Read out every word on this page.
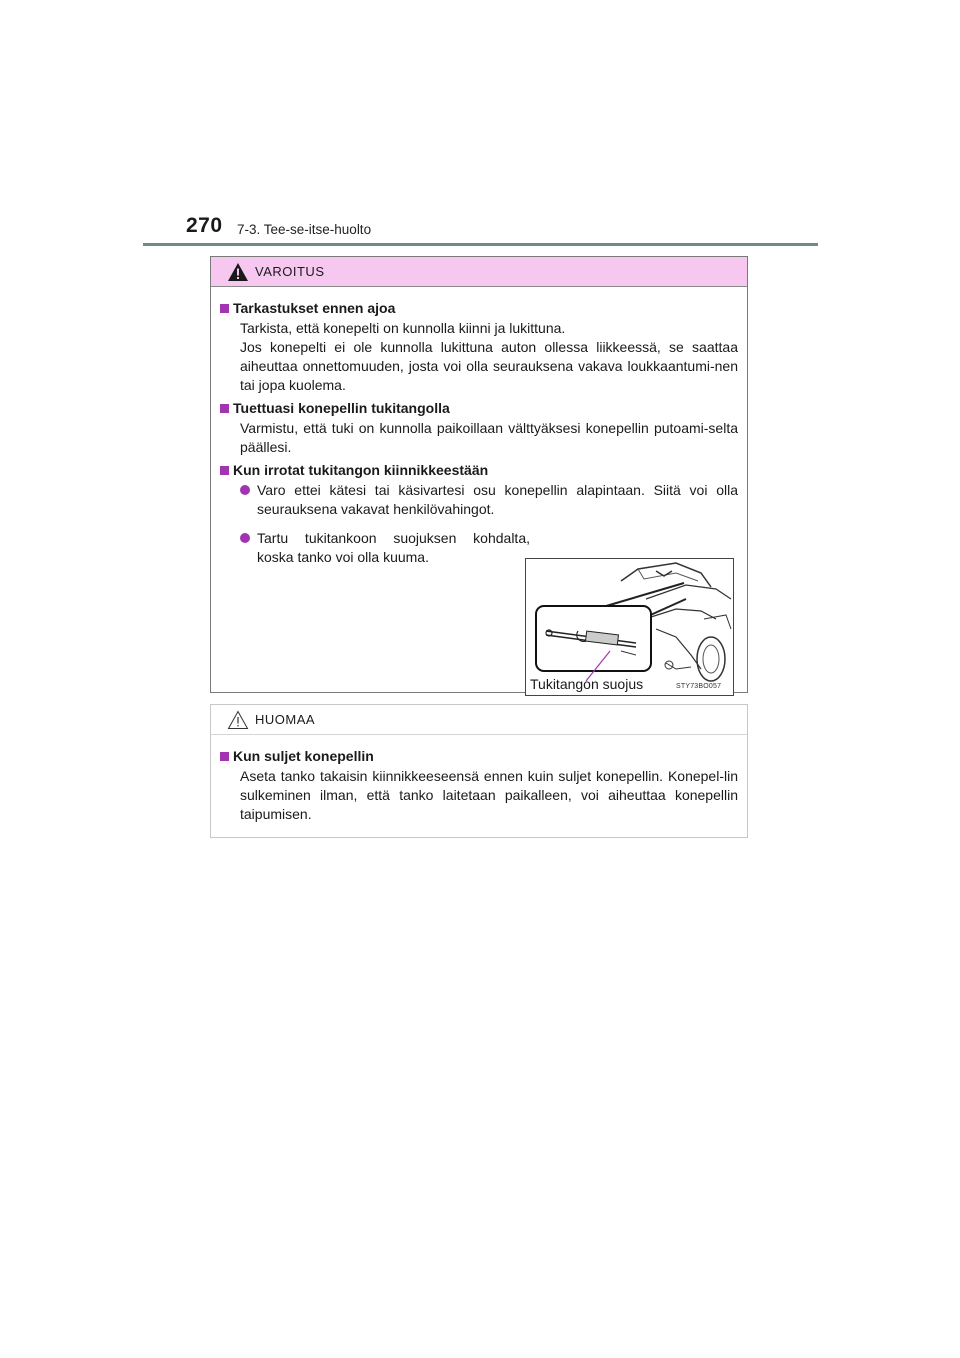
270 7-3. Tee-se-itse-huolto
VAROITUS
Tarkastukset ennen ajoa
Tarkista, että konepelti on kunnolla kiinni ja lukittuna.
Jos konepelti ei ole kunnolla lukittuna auton ollessa liikkeessä, se saattaa aiheuttaa onnettomuuden, josta voi olla seurauksena vakava loukkaantumi-nen tai jopa kuolema.
Tuettuasi konepellin tukitangolla
Varmistu, että tuki on kunnolla paikoillaan välttyäksesi konepellin putoami-selta päällesi.
Kun irrotat tukitangon kiinnikkeestään
Varo ettei kätesi tai käsivartesi osu konepellin alapintaan. Siitä voi olla seurauksena vakavat henkilövahingot.
Tartu tukitankoon suojuksen kohdalta, koska tanko voi olla kuuma.
Tukitangon suojus	STY73BO057
HUOMAA
Kun suljet konepellin
Aseta tanko takaisin kiinnikkeeseensä ennen kuin suljet konepellin. Konepel-lin sulkeminen ilman, että tanko laitetaan paikalleen, voi aiheuttaa konepellin taipumisen.
